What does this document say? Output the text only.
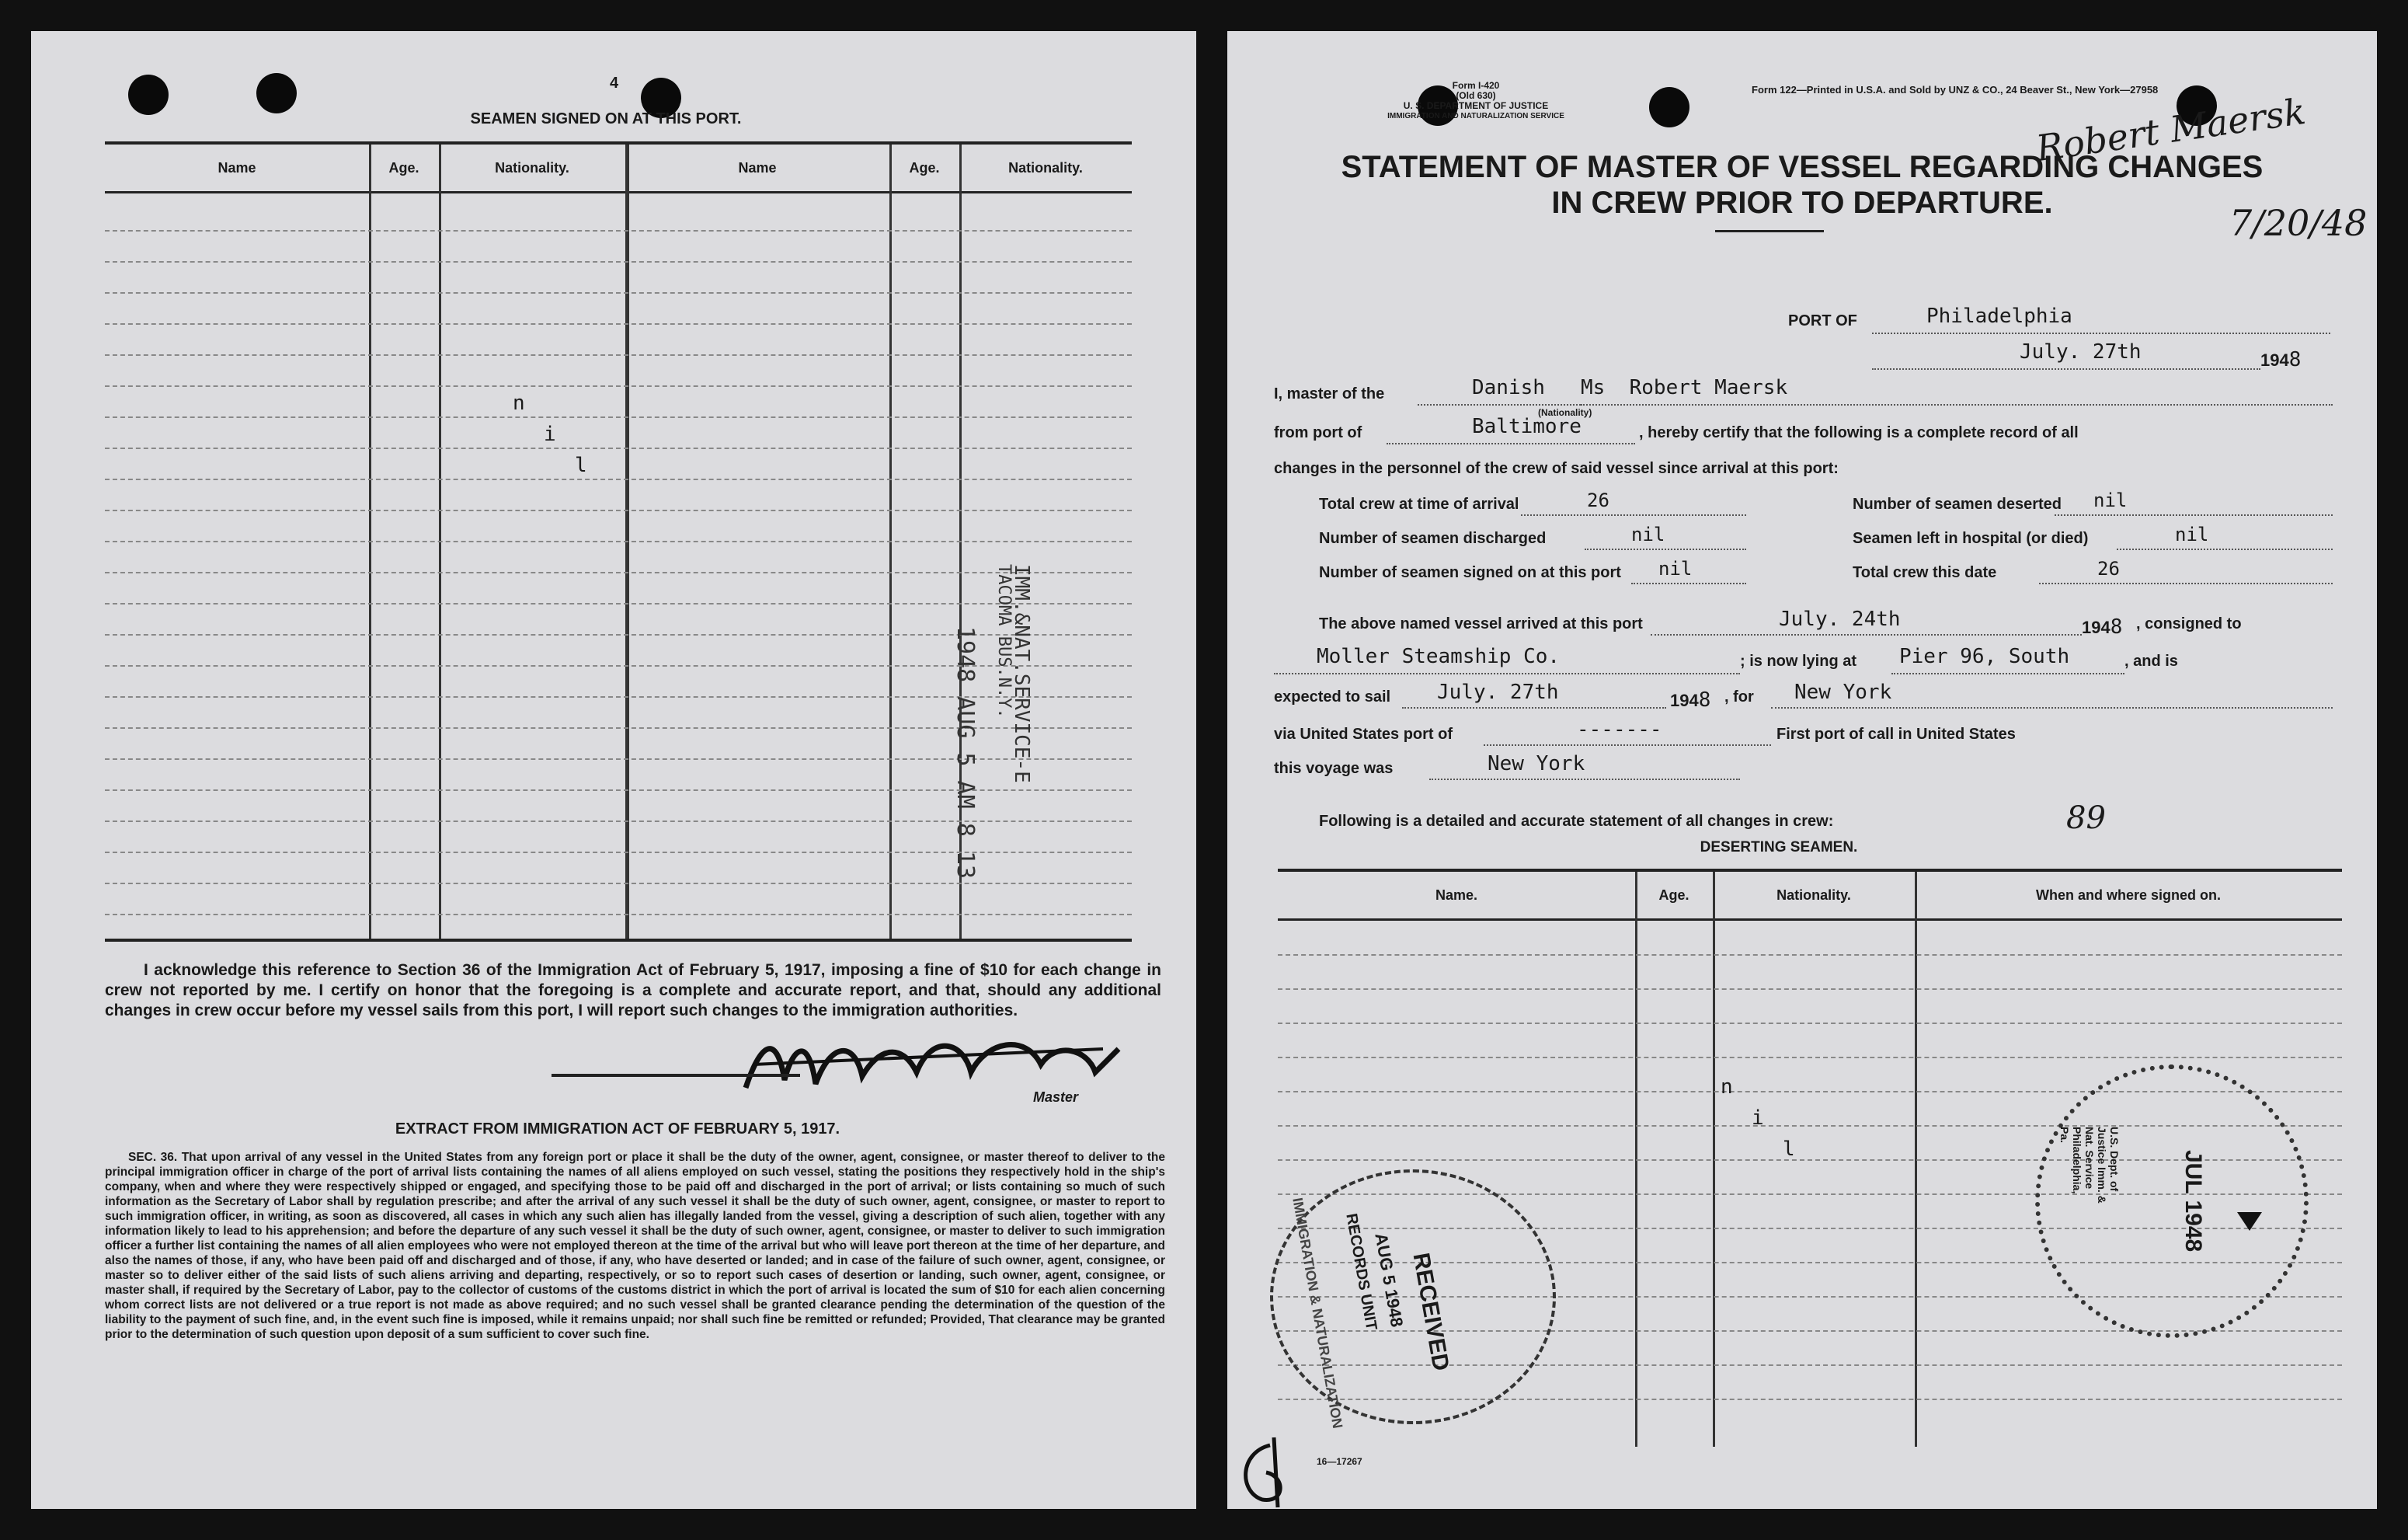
4
SEAMEN SIGNED ON AT THIS PORT.
Name	Age.	Nationality.	Name	Age.	Nationality.
n
i
l
1948 AUG 5 AM 8 13 IMM.&NAT.SERVICE-E
TACOMA BUS.N.Y.
I acknowledge this reference to Section 36 of the Immigration Act of February 5, 1917, imposing a fine of $10 for each change in crew not reported by me. I certify on honor that the foregoing is a complete and accurate report, and that, should any additional changes in crew occur before my vessel sails from this port, I will report such changes to the immigration authorities.
Master
EXTRACT FROM IMMIGRATION ACT OF FEBRUARY 5, 1917.
SEC. 36. That upon arrival of any vessel in the United States from any foreign port or place it shall be the duty of the owner, agent, consignee, or master thereof to deliver to the principal immigration officer in charge of the port of arrival lists containing the names of all aliens employed on such vessel, stating the positions they respectively hold in the ship's company, when and where they were respectively shipped or engaged, and specifying those to be paid off and discharged in the port of arrival; or lists containing so much of such information as the Secretary of Labor shall by regulation prescribe; and after the arrival of any such vessel it shall be the duty of such owner, agent, consignee, or master to report to such immigration officer, in writing, as soon as discovered, all cases in which any such alien has illegally landed from the vessel, giving a description of such alien, together with any information likely to lead to his apprehension; and before the departure of any such vessel it shall be the duty of such owner, agent, consignee, or master to deliver to such immigration officer a further list containing the names of all alien employees who were not employed thereon at the time of the arrival but who will leave port thereon at the time of her departure, and also the names of those, if any, who have been paid off and discharged and of those, if any, who have deserted or landed; and in case of the failure of such owner, agent, consignee, or master so to deliver either of the said lists of such aliens arriving and departing, respectively, or so to report such cases of desertion or landing, such owner, agent, consignee, or master shall, if required by the Secretary of Labor, pay to the collector of customs of the customs district in which the port of arrival is located the sum of $10 for each alien concerning whom correct lists are not delivered or a true report is not made as above required; and no such vessel shall be granted clearance pending the determination of the question of the liability to the payment of such fine, and, in the event such fine is imposed, while it remains unpaid; nor shall such fine be remitted or refunded; Provided, That clearance may be granted prior to the determination of such question upon deposit of a sum sufficient to cover such fine.
Form I-420
(Old 630)
U. S. DEPARTMENT OF JUSTICE
IMMIGRATION AND NATURALIZATION SERVICE
Form 122—Printed in U.S.A. and Sold by UNZ & CO., 24 Beaver St., New York—27958
STATEMENT OF MASTER OF VESSEL REGARDING CHANGES
IN CREW PRIOR TO DEPARTURE.
Robert Maersk
7/20/48
PORT OF	Philadelphia
July. 27th	1948
I, master of the	Danish
(Nationality)
Ms  Robert Maersk
from port of	Baltimore	, hereby certify that the following is a complete record of all
changes in the personnel of the crew of said vessel since arrival at this port:
Total crew at time of arrival	26	Number of seamen deserted nil
Number of seamen discharged	nil	Seamen left in hospital (or died)	nil
Number of seamen signed on at this port nil	Total crew this date	26
The above named vessel arrived at this port	July. 24th	1948 , consigned to
Moller Steamship Co.	; is now lying at Pier 96, South	, and is
expected to sail July. 27th	1948 , for New York
via United States port of	-------	First port of call in United States
this voyage was	New York
Following is a detailed and accurate statement of all changes in crew:	89
DESERTING SEAMEN.
Name.	Age.	Nationality.	When and where signed on.
n
i
l
RECEIVED
AUG 5 1948
RECORDS UNIT
IMMIGRATION & NATURALIZATION	JUL 1948
U.S. Dept. of Justice Imm. & Nat. Service Philadelphia, Pa.
16—17267
